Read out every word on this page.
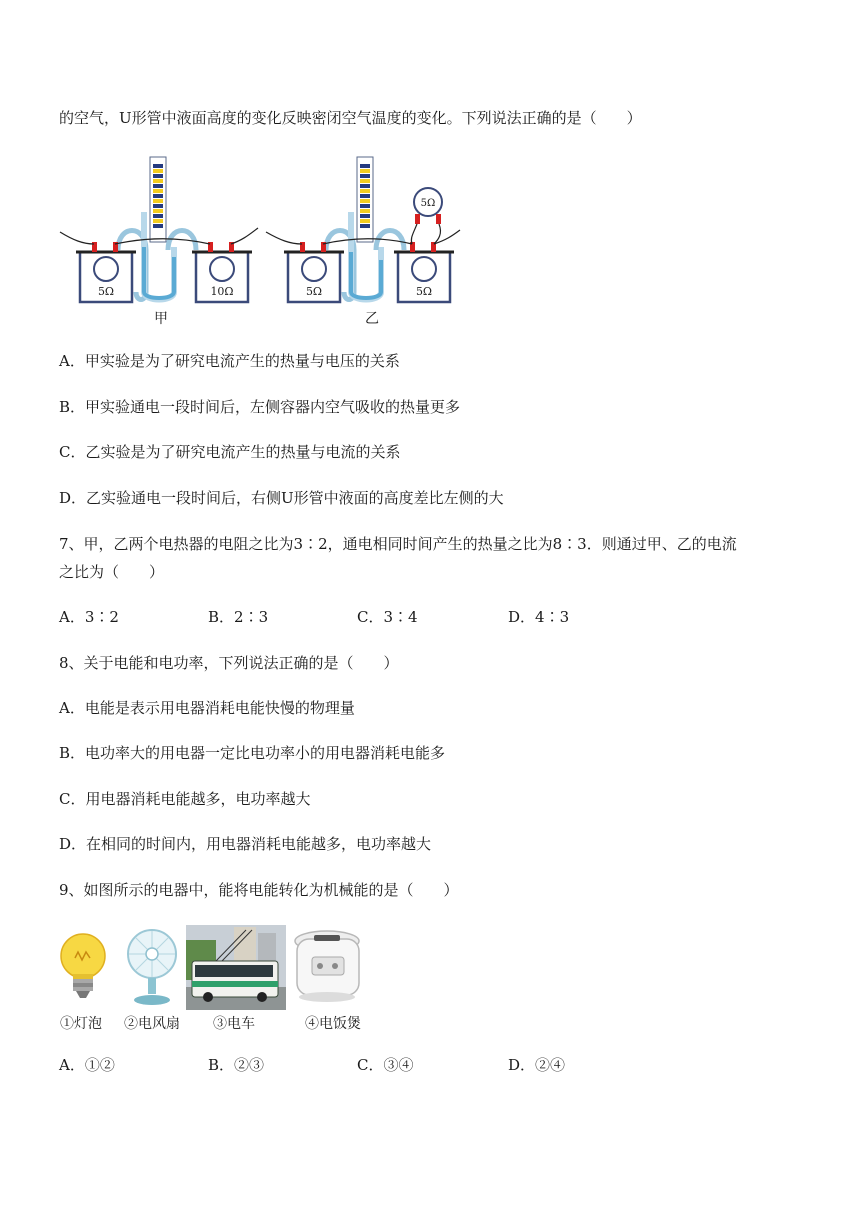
的空气，U形管中液面高度的变化反映密闭空气温度的变化。下列说法正确的是（　　）
5Ω	10Ω
5Ω
5Ω	5Ω
甲	乙
A．甲实验是为了研究电流产生的热量与电压的关系
B．甲实验通电一段时间后，左侧容器内空气吸收的热量更多
C．乙实验是为了研究电流产生的热量与电流的关系
D．乙实验通电一段时间后，右侧U形管中液面的高度差比左侧的大
7、甲，乙两个电热器的电阻之比为3∶2，通电相同时间产生的热量之比为8∶3．则通过甲、乙的电流
之比为（　　）
A．3∶2	B．2∶3	C．3∶4	D．4∶3
8、关于电能和电功率，下列说法正确的是（　　）
A．电能是表示用电器消耗电能快慢的物理量
B．电功率大的用电器一定比电功率小的用电器消耗电能多
C．用电器消耗电能越多，电功率越大
D．在相同的时间内，用电器消耗电能越多，电功率越大
9、如图所示的电器中，能将电能转化为机械能的是（　　）
①灯泡 ②电风扇 ③电车	④电饭煲
A．①②	B．②③	C．③④	D．②④
